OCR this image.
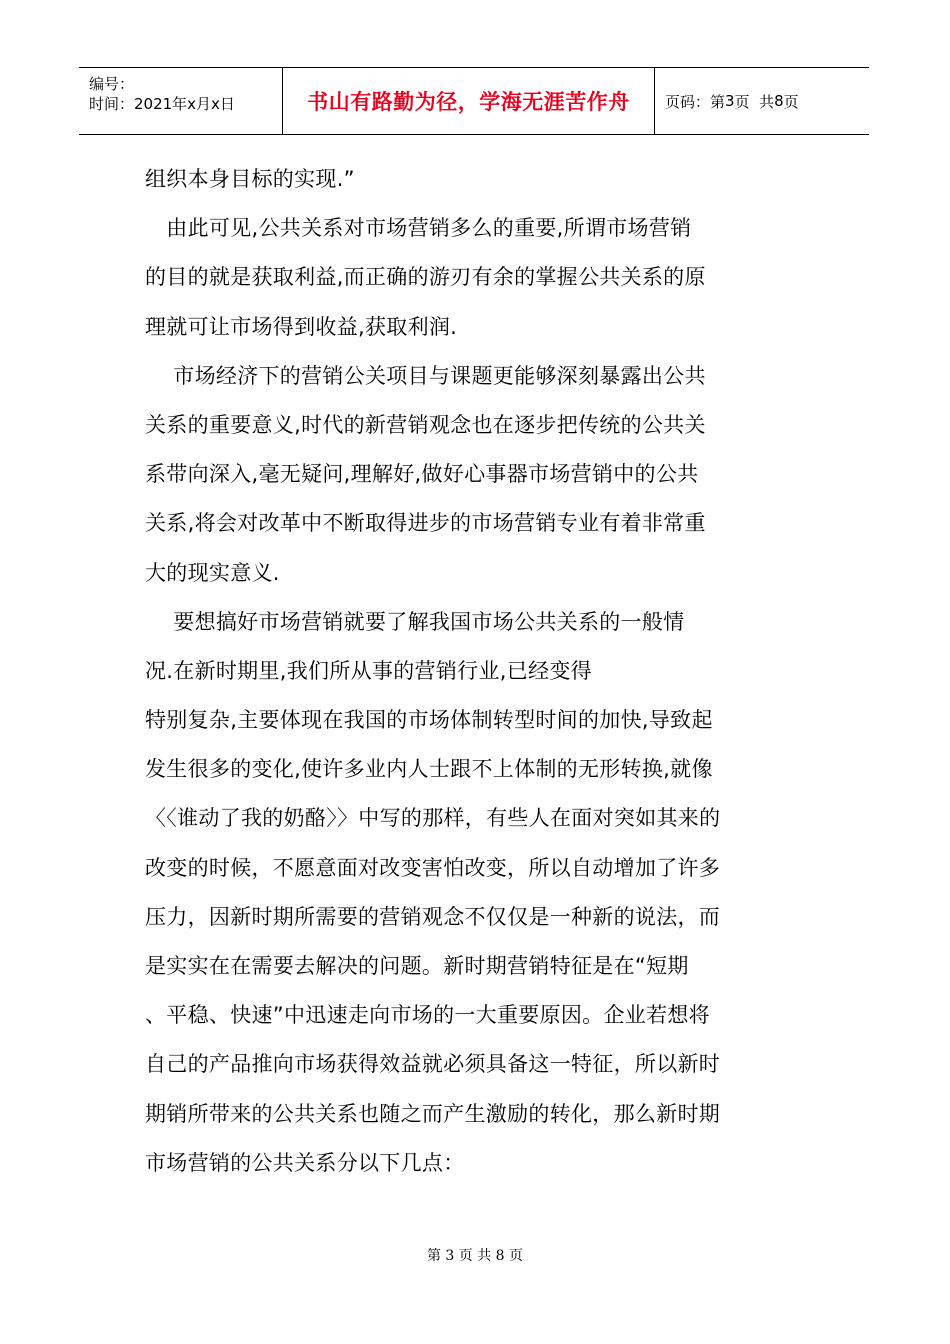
编号：
时间：2021年x月x日	书山有路勤为径，学海无涯苦作舟	页码：第 3 页  共 8 页
组织本身目标的实现.”
　由此可见,公共关系对市场营销多么的重要,所谓市场营销
的目的就是获取利益,而正确的游刃有余的掌握公共关系的原
理就可让市场得到收益,获取利润.
　 市场经济下的营销公关项目与课题更能够深刻暴露出公共
关系的重要意义,时代的新营销观念也在逐步把传统的公共关
系带向深入,毫无疑问,理解好,做好心事器市场营销中的公共
关系,将会对改革中不断取得进步的市场营销专业有着非常重
大的现实意义.
　 要想搞好市场营销就要了解我国市场公共关系的一般情
况.在新时期里,我们所从事的营销行业,已经变得
特别复杂,主要体现在我国的市场体制转型时间的加快,导致起
发生很多的变化,使许多业内人士跟不上体制的无形转换,就像
〈〈谁动了我的奶酪〉〉中写的那样，有些人在面对突如其来的
改变的时候，不愿意面对改变害怕改变，所以自动增加了许多
压力，因新时期所需要的营销观念不仅仅是一种新的说法，而
是实实在在需要去解决的问题。新时期营销特征是在“短期
、平稳、快速”中迅速走向市场的一大重要原因。企业若想将
自己的产品推向市场获得效益就必须具备这一特征，所以新时
期销所带来的公共关系也随之而产生激励的转化，那么新时期
市场营销的公共关系分以下几点：
第 3 页 共 8 页
